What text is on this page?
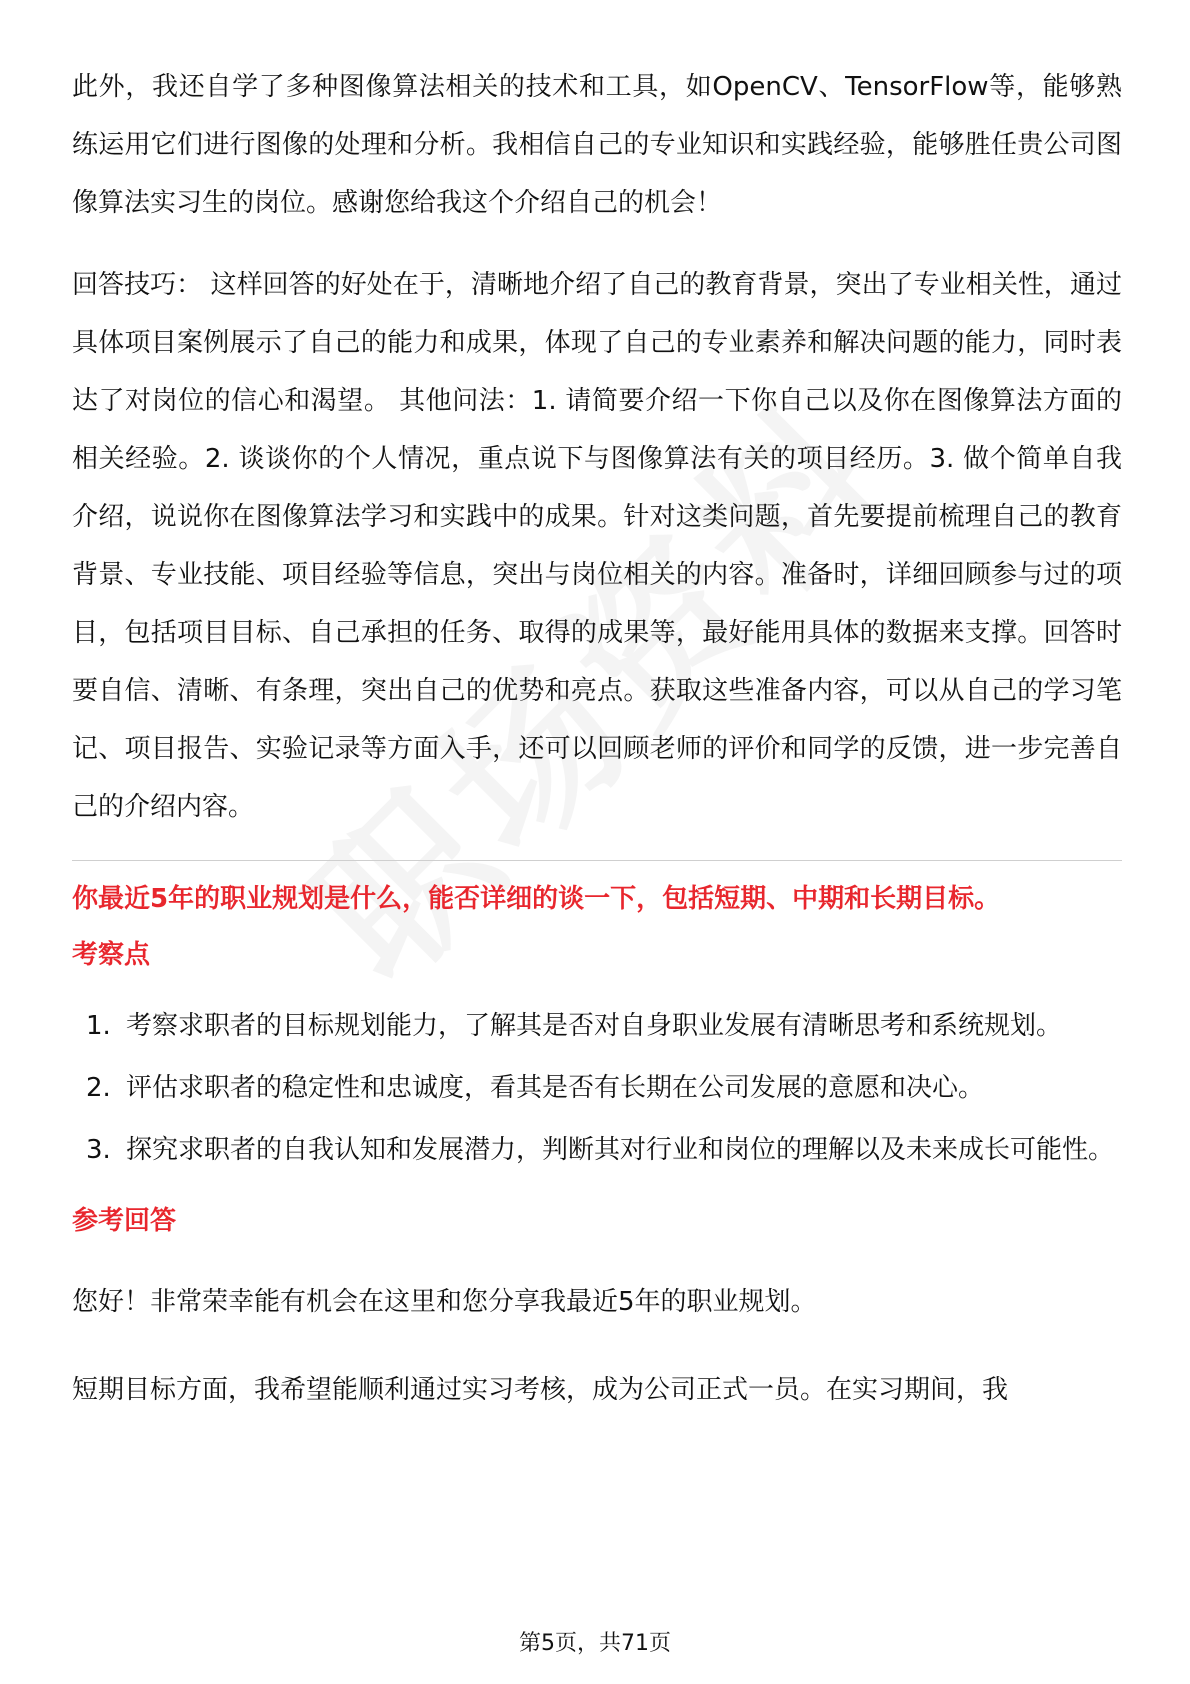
此外，我还自学了多种图像算法相关的技术和工具，如OpenCV、TensorFlow等，能够熟练运用它们进行图像的处理和分析。我相信自己的专业知识和实践经验，能够胜任贵公司图像算法实习生的岗位。感谢您给我这个介绍自己的机会！

回答技巧： 这样回答的好处在于，清晰地介绍了自己的教育背景，突出了专业相关性，通过具体项目案例展示了自己的能力和成果，体现了自己的专业素养和解决问题的能力，同时表达了对岗位的信心和渴望。 其他问法：1. 请简要介绍一下你自己以及你在图像算法方面的相关经验。2. 谈谈你的个人情况，重点说下与图像算法有关的项目经历。3. 做个简单自我介绍，说说你在图像算法学习和实践中的成果。针对这类问题，首先要提前梳理自己的教育背景、专业技能、项目经验等信息，突出与岗位相关的内容。准备时，详细回顾参与过的项目，包括项目目标、自己承担的任务、取得的成果等，最好能用具体的数据来支撑。回答时要自信、清晰、有条理，突出自己的优势和亮点。获取这些准备内容，可以从自己的学习笔记、项目报告、实验记录等方面入手，还可以回顾老师的评价和同学的反馈，进一步完善自己的介绍内容。

你最近5年的职业规划是什么，能否详细的谈一下，包括短期、中期和长期目标。

考察点

1. 考察求职者的目标规划能力，了解其是否对自身职业发展有清晰思考和系统规划。
2. 评估求职者的稳定性和忠诚度，看其是否有长期在公司发展的意愿和决心。
3. 探究求职者的自我认知和发展潜力，判断其对行业和岗位的理解以及未来成长可能性。

参考回答

您好！非常荣幸能有机会在这里和您分享我最近5年的职业规划。

短期目标方面，我希望能顺利通过实习考核，成为公司正式一员。在实习期间，我

第5页，共71页
